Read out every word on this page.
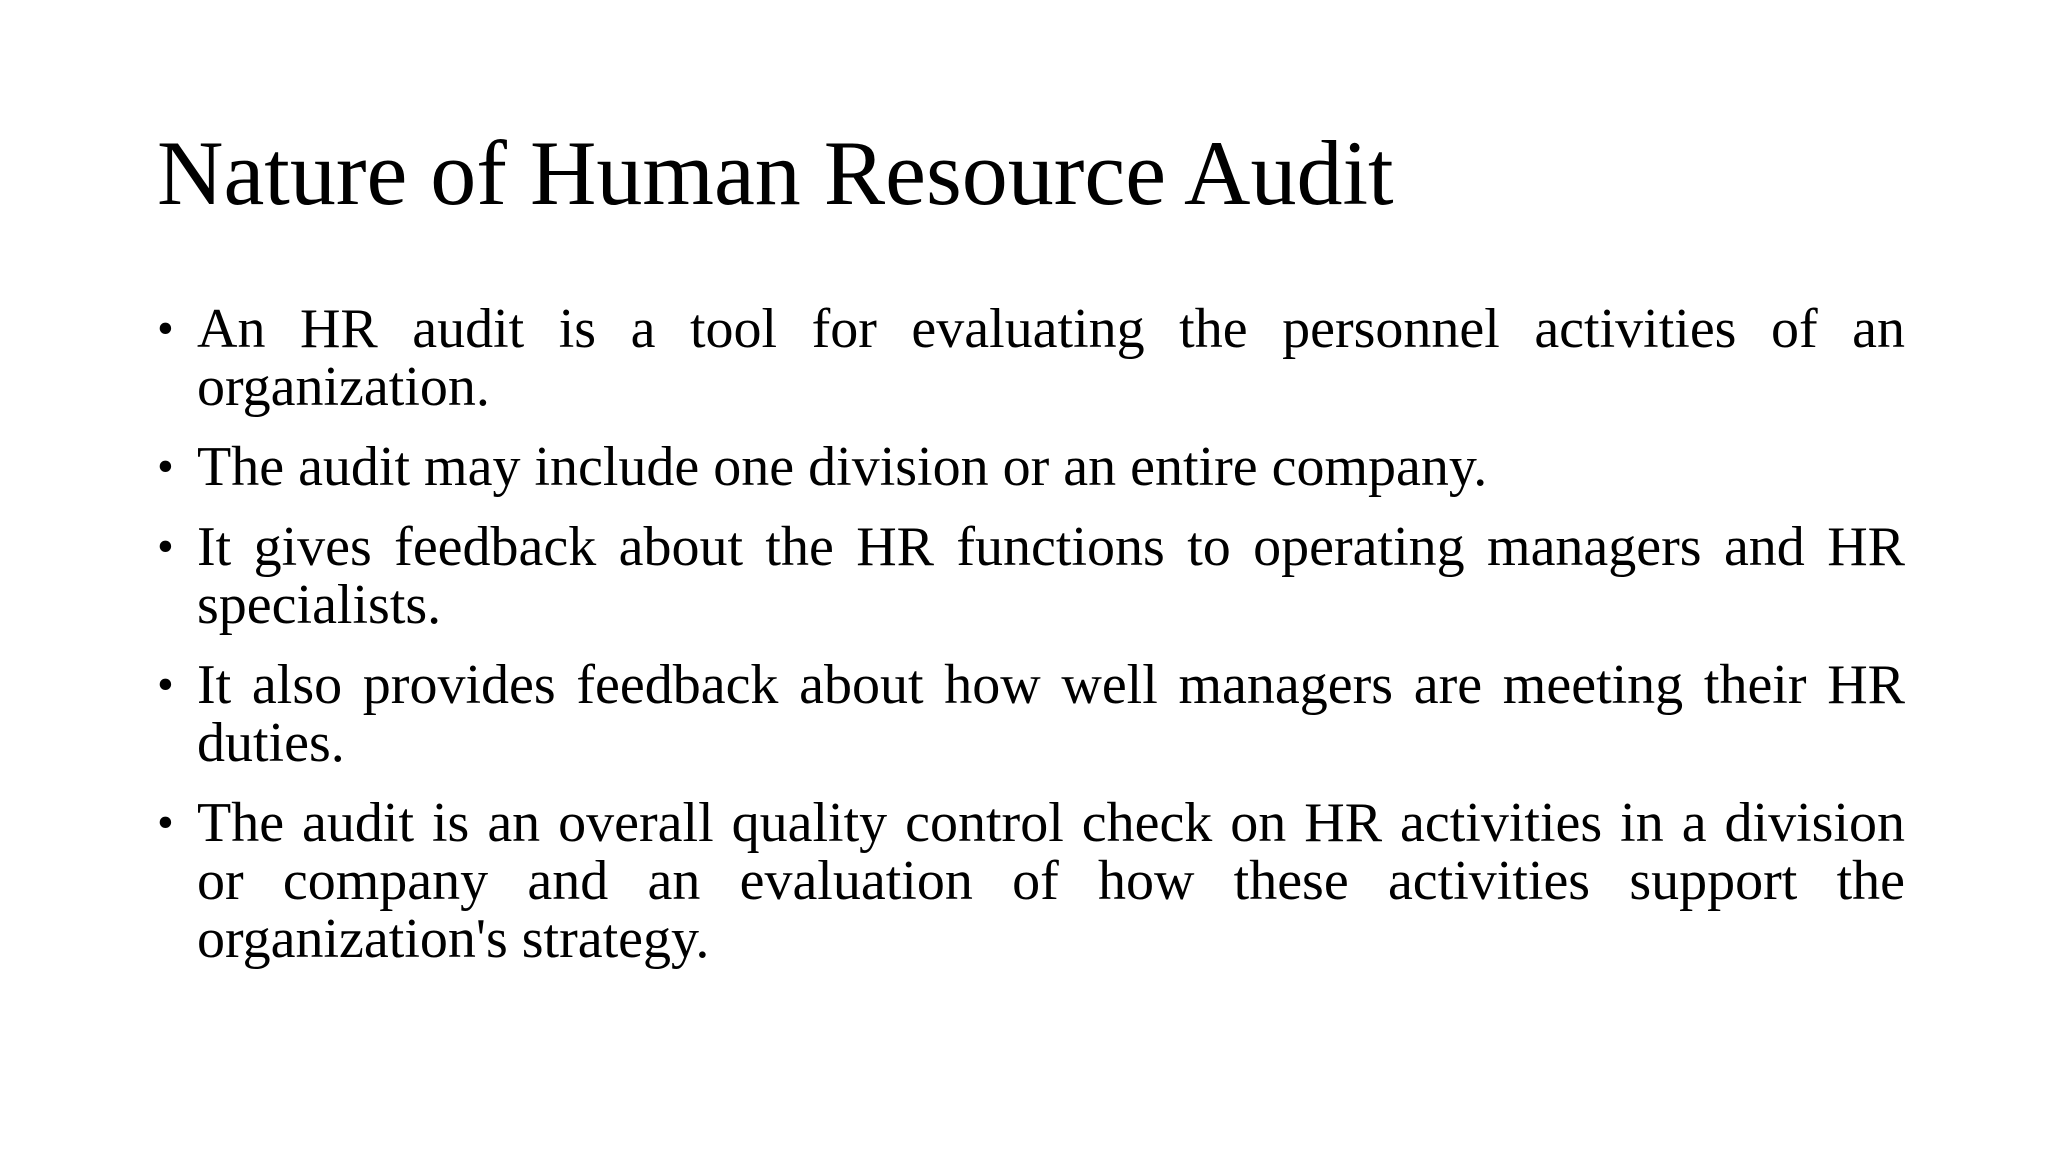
Nature of Human Resource Audit
• An HR audit is a tool for evaluating the personnel activities of an organization.
• The audit may include one division or an entire company.
• It gives feedback about the HR functions to operating managers and HR specialists.
• It also provides feedback about how well managers are meeting their HR duties.
• The audit is an overall quality control check on HR activities in a division or company and an evaluation of how these activities support the organization's strategy.
